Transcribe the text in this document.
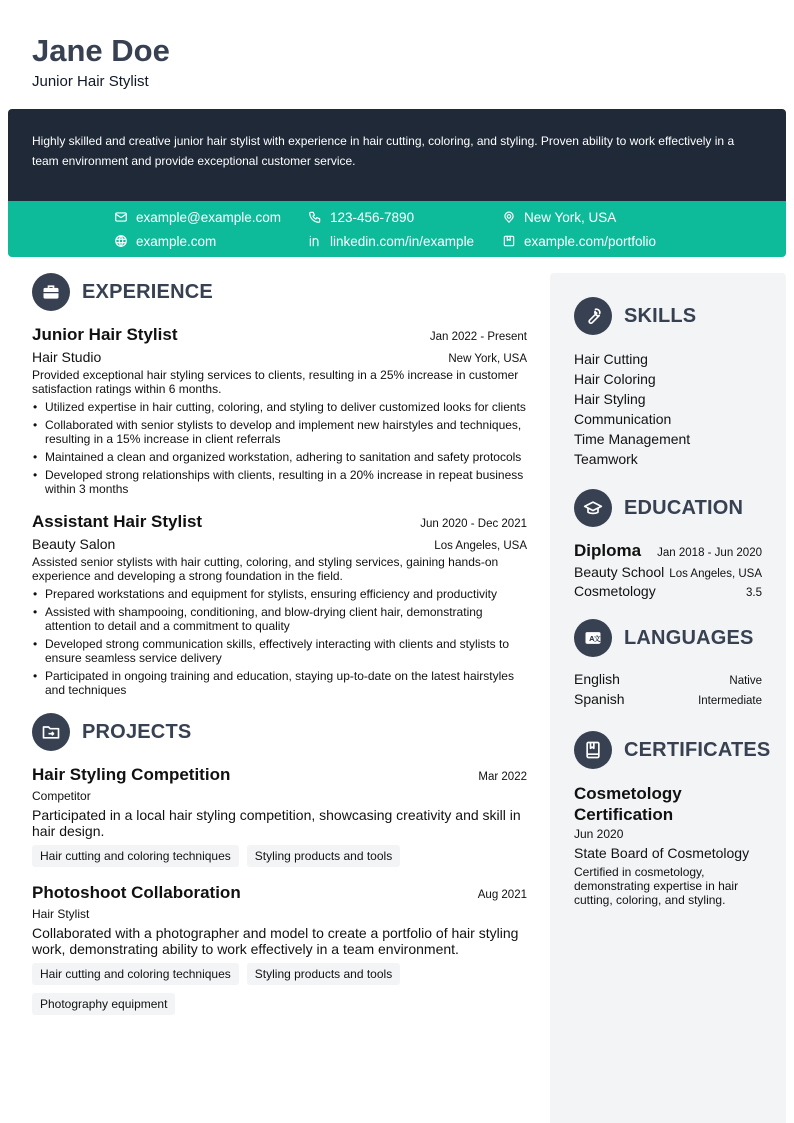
Jane Doe
Junior Hair Stylist

Highly skilled and creative junior hair stylist with experience in hair cutting, coloring, and styling. Proven ability to work effectively in a team environment and provide exceptional customer service.

example@example.com	123-456-7890	New York, USA
example.com	linkedin.com/in/example	example.com/portfolio
EXPERIENCE
Junior Hair Stylist	Jan 2022 - Present
Hair Studio	New York, USA
Provided exceptional hair styling services to clients, resulting in a 25% increase in customer satisfaction ratings within 6 months.
• Utilized expertise in hair cutting, coloring, and styling to deliver customized looks for clients
• Collaborated with senior stylists to develop and implement new hairstyles and techniques, resulting in a 15% increase in client referrals
• Maintained a clean and organized workstation, adhering to sanitation and safety protocols
• Developed strong relationships with clients, resulting in a 20% increase in repeat business within 3 months
Assistant Hair Stylist	Jun 2020 - Dec 2021
Beauty Salon	Los Angeles, USA
Assisted senior stylists with hair cutting, coloring, and styling services, gaining hands-on experience and developing a strong foundation in the field.
• Prepared workstations and equipment for stylists, ensuring efficiency and productivity
• Assisted with shampooing, conditioning, and blow-drying client hair, demonstrating attention to detail and a commitment to quality
• Developed strong communication skills, effectively interacting with clients and stylists to ensure seamless service delivery
• Participated in ongoing training and education, staying up-to-date on the latest hairstyles and techniques
PROJECTS
Hair Styling Competition	Mar 2022
Competitor
Participated in a local hair styling competition, showcasing creativity and skill in hair design.
Hair cutting and coloring techniques	Styling products and tools
Photoshoot Collaboration	Aug 2021
Hair Stylist
Collaborated with a photographer and model to create a portfolio of hair styling work, demonstrating ability to work effectively in a team environment.
Hair cutting and coloring techniques	Styling products and tools
Photography equipment
SKILLS
Hair Cutting
Hair Coloring
Hair Styling
Communication
Time Management
Teamwork
EDUCATION
Diploma Jan 2018 - Jun 2020
Beauty School Los Angeles, USA
Cosmetology	3.5
A 文 LANGUAGES
English	Native
Spanish	Intermediate
CERTIFICATES
Cosmetology Certification
Jun 2020
State Board of Cosmetology
Certified in cosmetology, demonstrating expertise in hair cutting, coloring, and styling.
